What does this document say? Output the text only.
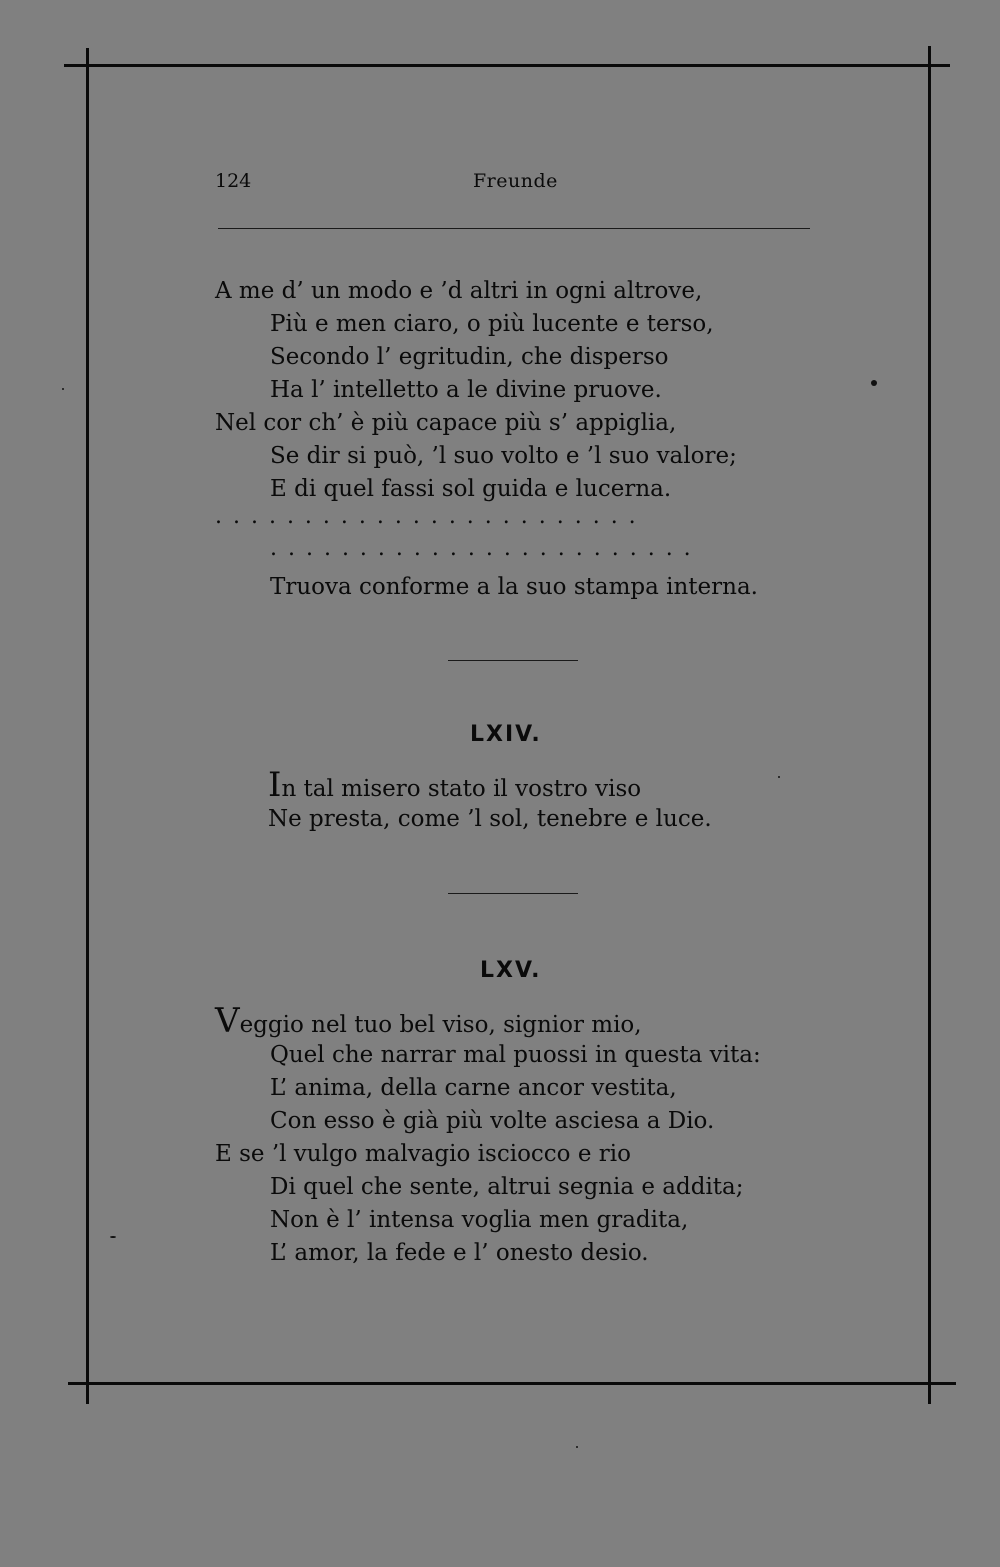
124	Freunde
A me d’ un modo e ’d altri in ogni altrove,
Più e men ciaro, o più lucente e terso,
Secondo l’ egritudin, che disperso
Ha l’ intelletto a le divine pruove.
Nel cor ch’ è più capace più s’ appiglia,
Se dir si può, ’l suo volto e ’l suo valore;
E di quel fassi sol guida e lucerna.
. . . . . . . . . . . . . . . . . . . . . . . .
. . . . . . . . . . . . . . . . . . . . . . . .
Truova conforme a la suo stampa interna.
LXIV.
In tal misero stato il vostro viso
Ne presta, come ’l sol, tenebre e luce.
LXV.
Veggio nel tuo bel viso, signior mio,
Quel che narrar mal puossi in questa vita:
L’ anima, della carne ancor vestita,
Con esso è già più volte asciesa a Dio.
E se ’l vulgo malvagio isciocco e rio
Di quel che sente, altrui segnia e addita;
Non è l’ intensa voglia men gradita,
L’ amor, la fede e l’ onesto desio.
